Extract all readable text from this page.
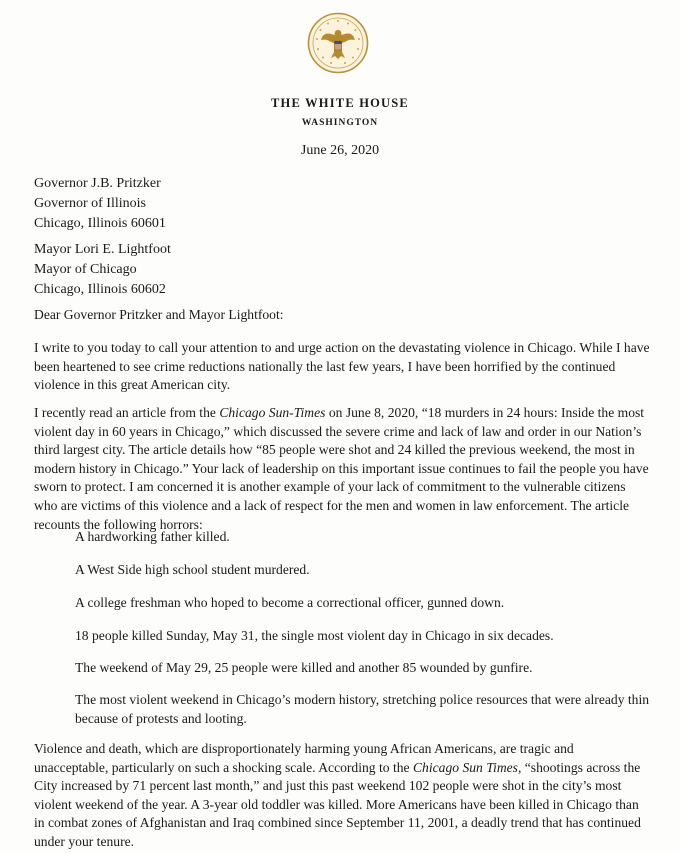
THE WHITE HOUSE
WASHINGTON
June 26, 2020
Governor J.B. Pritzker
Governor of Illinois
Chicago, Illinois 60601
Mayor Lori E. Lightfoot
Mayor of Chicago
Chicago, Illinois 60602
Dear Governor Pritzker and Mayor Lightfoot:
I write to you today to call your attention to and urge action on the devastating violence in Chicago. While I have been heartened to see crime reductions nationally the last few years, I have been horrified by the continued violence in this great American city.
I recently read an article from the Chicago Sun-Times on June 8, 2020, “18 murders in 24 hours: Inside the most violent day in 60 years in Chicago,” which discussed the severe crime and lack of law and order in our Nation’s third largest city. The article details how “85 people were shot and 24 killed the previous weekend, the most in modern history in Chicago.” Your lack of leadership on this important issue continues to fail the people you have sworn to protect. I am concerned it is another example of your lack of commitment to the vulnerable citizens who are victims of this violence and a lack of respect for the men and women in law enforcement. The article recounts the following horrors:
A hardworking father killed.
A West Side high school student murdered.
A college freshman who hoped to become a correctional officer, gunned down.
18 people killed Sunday, May 31, the single most violent day in Chicago in six decades.
The weekend of May 29, 25 people were killed and another 85 wounded by gunfire.
The most violent weekend in Chicago’s modern history, stretching police resources that were already thin because of protests and looting.
Violence and death, which are disproportionately harming young African Americans, are tragic and unacceptable, particularly on such a shocking scale. According to the Chicago Sun Times, “shootings across the City increased by 71 percent last month,” and just this past weekend 102 people were shot in the city’s most violent weekend of the year. A 3-year old toddler was killed. More Americans have been killed in Chicago than in combat zones of Afghanistan and Iraq combined since September 11, 2001, a deadly trend that has continued under your tenure.
